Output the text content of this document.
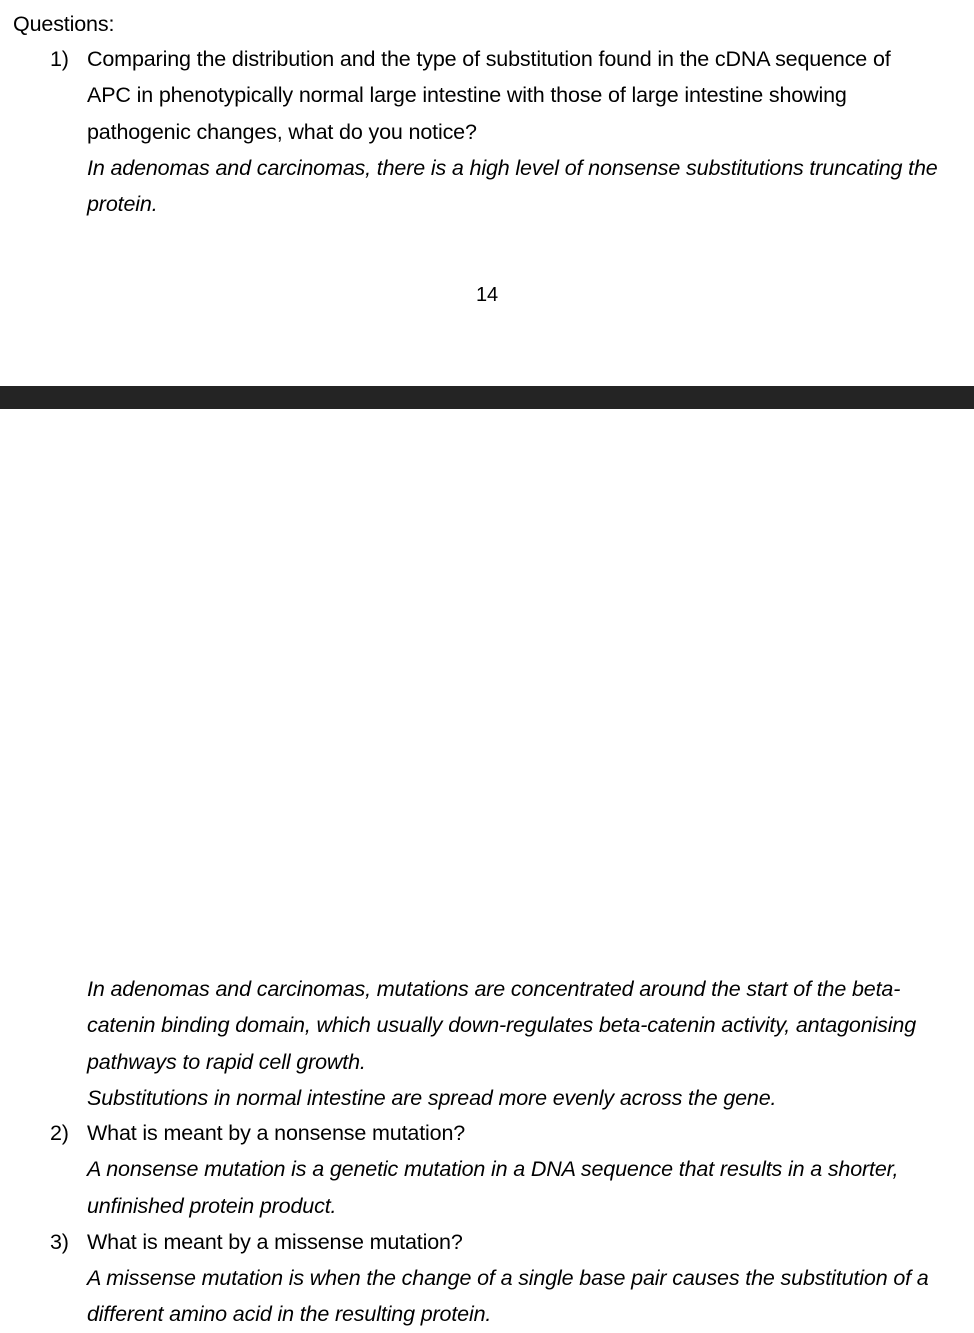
Questions:
1) Comparing the distribution and the type of substitution found in the cDNA sequence of APC in phenotypically normal large intestine with those of large intestine showing pathogenic changes, what do you notice?
In adenomas and carcinomas, there is a high level of nonsense substitutions truncating the protein.
14
In adenomas and carcinomas, mutations are concentrated around the start of the beta-catenin binding domain, which usually down-regulates beta-catenin activity, antagonising pathways to rapid cell growth.
Substitutions in normal intestine are spread more evenly across the gene.
2) What is meant by a nonsense mutation?
A nonsense mutation is a genetic mutation in a DNA sequence that results in a shorter, unfinished protein product.
3) What is meant by a missense mutation?
A missense mutation is when the change of a single base pair causes the substitution of a different amino acid in the resulting protein.
